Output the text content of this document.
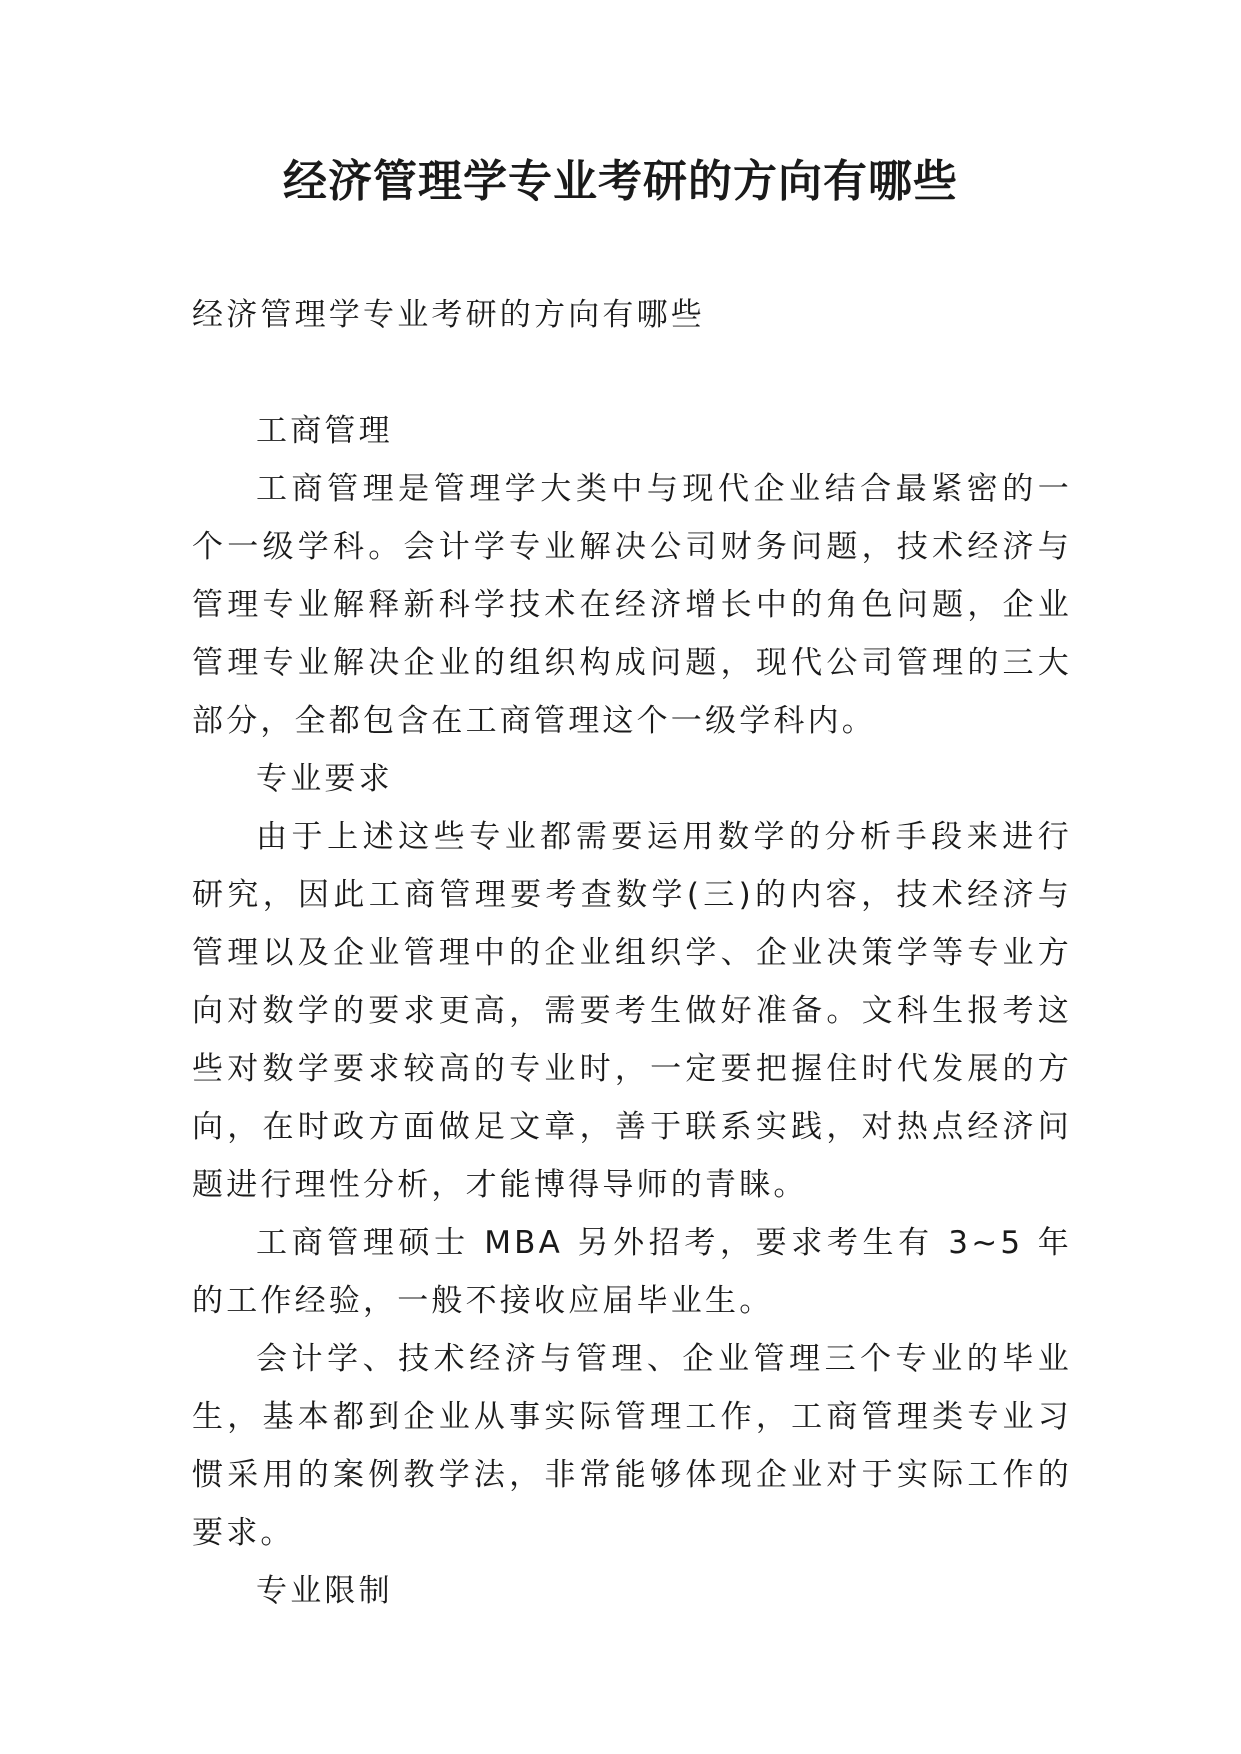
经济管理学专业考研的方向有哪些

经济管理学专业考研的方向有哪些

工商管理

工商管理是管理学大类中与现代企业结合最紧密的一个一级学科。会计学专业解决公司财务问题，技术经济与管理专业解释新科学技术在经济增长中的角色问题，企业管理专业解决企业的组织构成问题，现代公司管理的三大部分，全都包含在工商管理这个一级学科内。

专业要求

由于上述这些专业都需要运用数学的分析手段来进行研究，因此工商管理要考查数学(三)的内容，技术经济与管理以及企业管理中的企业组织学、企业决策学等专业方向对数学的要求更高，需要考生做好准备。文科生报考这些对数学要求较高的专业时，一定要把握住时代发展的方向，在时政方面做足文章，善于联系实践，对热点经济问题进行理性分析，才能博得导师的青睐。

工商管理硕士 MBA 另外招考，要求考生有 3~5 年的工作经验，一般不接收应届毕业生。

会计学、技术经济与管理、企业管理三个专业的毕业生，基本都到企业从事实际管理工作，工商管理类专业习惯采用的案例教学法，非常能够体现企业对于实际工作的要求。

专业限制
